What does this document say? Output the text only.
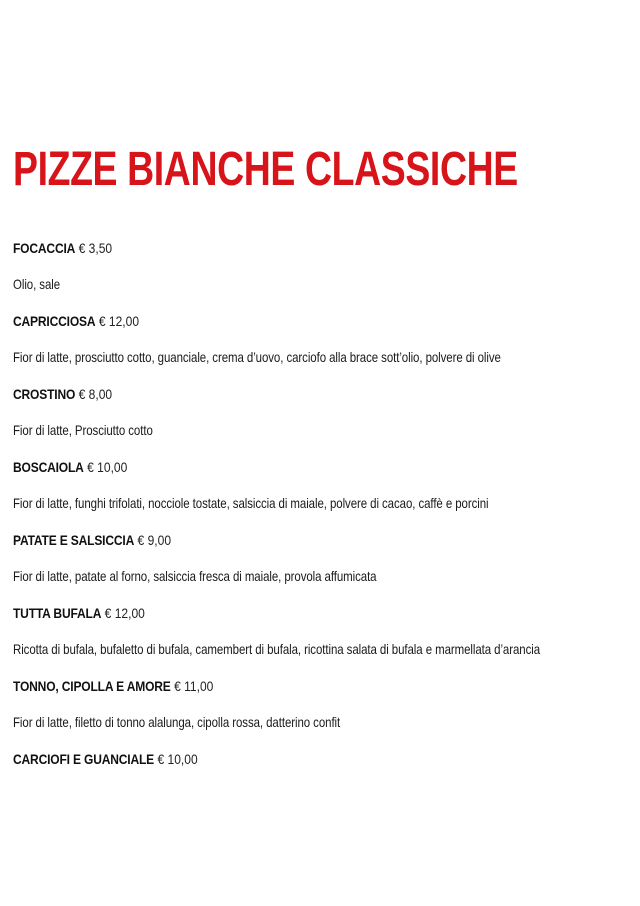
PIZZE BIANCHE CLASSICHE
FOCACCIA € 3,50
Olio, sale
CAPRICCIOSA € 12,00
Fior di latte, prosciutto cotto, guanciale, crema d’uovo, carciofo alla brace sott’olio, polvere di olive
CROSTINO € 8,00
Fior di latte, Prosciutto cotto
BOSCAIOLA € 10,00
Fior di latte, funghi trifolati, nocciole tostate, salsiccia di maiale, polvere di cacao, caffè e porcini
PATATE E SALSICCIA € 9,00
Fior di latte, patate al forno, salsiccia fresca di maiale, provola affumicata
TUTTA BUFALA € 12,00
Ricotta di bufala, bufaletto di bufala, camembert di bufala, ricottina salata di bufala e marmellata d’arancia
TONNO, CIPOLLA E AMORE € 11,00
Fior di latte, filetto di tonno alalunga, cipolla rossa, datterino confit
CARCIOFI E GUANCIALE € 10,00
